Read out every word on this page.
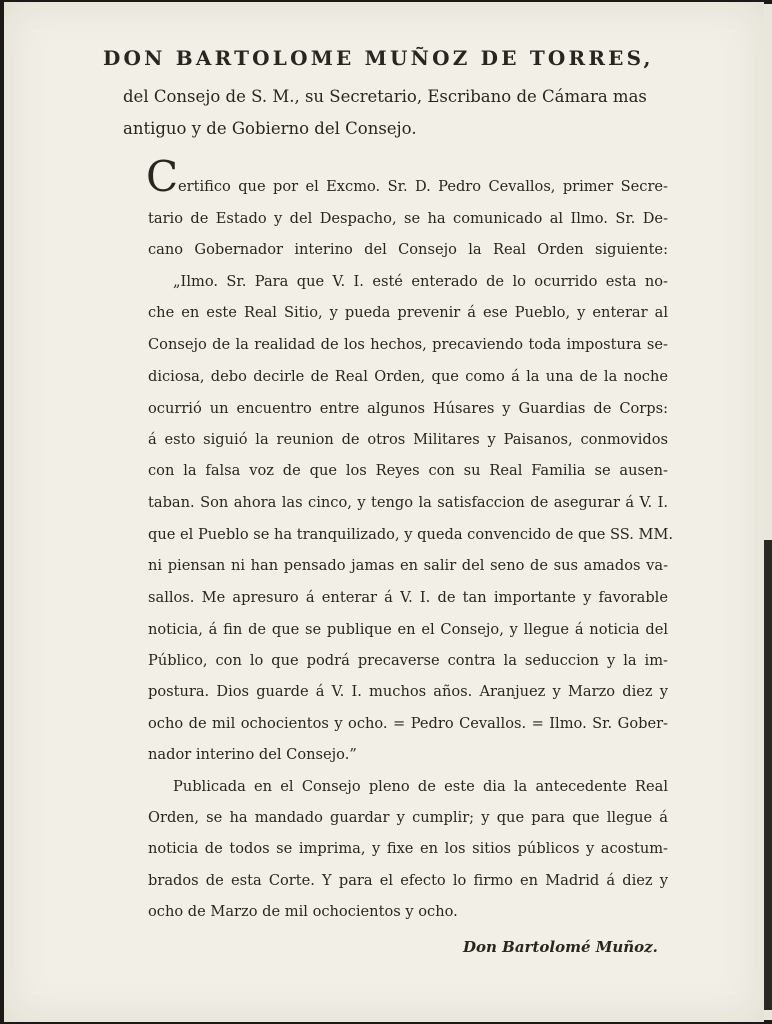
DON BARTOLOME MUÑOZ DE TORRES,
del Consejo de S. M., su Secretario, Escribano de Cámara mas
antiguo y de Gobierno del Consejo.
C ertifico que por el Excmo. Sr. D. Pedro Cevallos, primer Secre-
tario de Estado y del Despacho, se ha comunicado al Ilmo. Sr. De-
cano Gobernador interino del Consejo la Real Orden siguiente:
„Ilmo. Sr. Para que V. I. esté enterado de lo ocurrido esta no-
che en este Real Sitio, y pueda prevenir á ese Pueblo, y enterar al
Consejo de la realidad de los hechos, precaviendo toda impostura se-
diciosa, debo decirle de Real Orden, que como á la una de la noche
ocurrió un encuentro entre algunos Húsares y Guardias de Corps:
á esto siguió la reunion de otros Militares y Paisanos, conmovidos
con la falsa voz de que los Reyes con su Real Familia se ausen-
taban. Son ahora las cinco, y tengo la satisfaccion de asegurar á V. I.
que el Pueblo se ha tranquilizado, y queda convencido de que SS. MM.
ni piensan ni han pensado jamas en salir del seno de sus amados va-
sallos. Me apresuro á enterar á V. I. de tan importante y favorable
noticia, á fin de que se publique en el Consejo, y llegue á noticia del
Público, con lo que podrá precaverse contra la seduccion y la im-
postura. Dios guarde á V. I. muchos años. Aranjuez y Marzo diez y
ocho de mil ochocientos y ocho. = Pedro Cevallos. = Ilmo. Sr. Gober-
nador interino del Consejo.”
Publicada en el Consejo pleno de este dia la antecedente Real
Orden, se ha mandado guardar y cumplir; y que para que llegue á
noticia de todos se imprima, y fixe en los sitios públicos y acostum-
brados de esta Corte. Y para el efecto lo firmo en Madrid á diez y
ocho de Marzo de mil ochocientos y ocho.
Don Bartolomé Muñoz.
